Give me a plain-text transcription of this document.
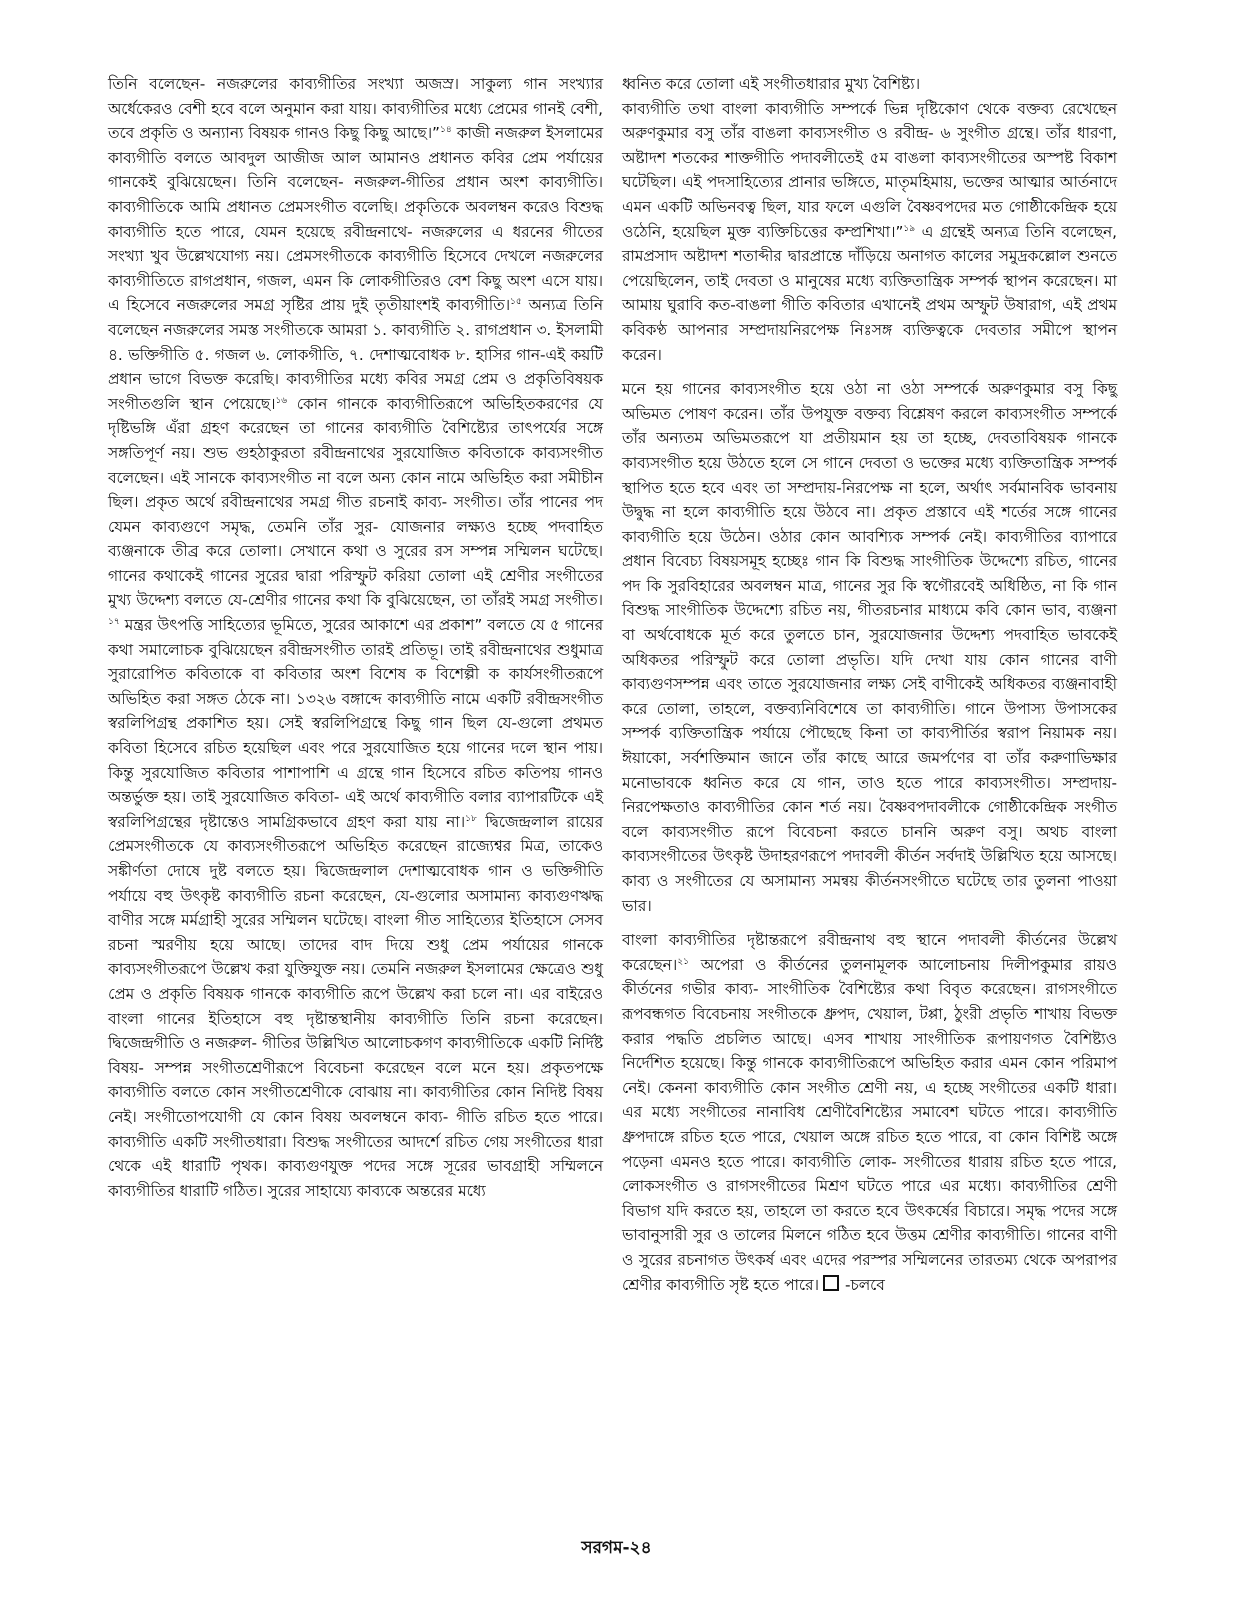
তিনি বলেছেন- নজরুলের কাব্যগীতির সংখ্যা অজস্র। সাকুল্য গান সংখ্যার অর্ধেকেরও বেশী হবে বলে অনুমান করা যায়। কাব্যগীতির মধ্যে প্রেমের গানই বেশী, তবে প্রকৃতি ও অন্যান্য বিষয়ক গানও কিছু কিছু আছে।”$^{১৪}$ কাজী নজরুল ইসলামের কাব্যগীতি বলতে আবদুল আজীজ আল আমানও প্রধানত কবির প্রেম পর্যায়ের গানকেই বুঝিয়েছেন। তিনি বলেছেন- নজরুল-গীতির প্রধান অংশ কাব্যগীতি। কাব্যগীতিকে আমি প্রধানত প্রেমসংগীত বলেছি। প্রকৃতিকে অবলম্বন করেও বিশুদ্ধ কাব্যগীতি হতে পারে, যেমন হয়েছে রবীন্দ্রনাথে- নজরুলের এ ধরনের গীতের সংখ্যা খুব উল্লেখযোগ্য নয়। প্রেমসংগীতকে কাব্যগীতি হিসেবে দেখলে নজরুলের কাব্যগীতিতে রাগপ্রধান, গজল, এমন কি লোকগীতিরও বেশ কিছু অংশ এসে যায়। এ হিসেবে নজরুলের সমগ্র সৃষ্টির প্রায় দুই তৃতীয়াংশই কাব্যগীতি।$^{১৫}$ অন্যত্র তিনি বলেছেন নজরুলের সমস্ত সংগীতকে আমরা ১. কাব্যগীতি ২. রাগপ্রধান ৩. ইসলামী ৪. ভক্তিগীতি ৫. গজল ৬. লোকগীতি, ৭. দেশাত্মবোধক ৮. হাসির গান-এই কয়টি প্রধান ভাগে বিভক্ত করেছি। কাব্যগীতির মধ্যে কবির সমগ্র প্রেম ও প্রকৃতিবিষয়ক সংগীতগুলি স্থান পেয়েছে।$^{১৬}$ কোন গানকে কাব্যগীতিরূপে অভিহিতকরণের যে দৃষ্টিভঙ্গি এঁরা গ্রহণ করেছেন তা গানের কাব্যগীতি বৈশিষ্ট্যের তাৎপর্যের সঙ্গে সঙ্গতিপূর্ণ নয়। শুভ গুহঠাকুরতা রবীন্দ্রনাথের সুরযোজিত কবিতাকে কাব্যসংগীত বলেছেন। এই সানকে কাব্যসংগীত না বলে অন্য কোন নামে অভিহিত করা সমীচীন ছিল। প্রকৃত অর্থে রবীন্দ্রনাথের সমগ্র গীত রচনাই কাব্য- সংগীত। তাঁর পানের পদ যেমন কাব্যগুণে সমৃদ্ধ, তেমনি তাঁর সুর- যোজনার লক্ষ্যও হচ্ছে পদবাহিত ব্যঞ্জনাকে তীব্র করে তোলা। সেখানে কথা ও সুরের রস সম্পন্ন সম্মিলন ঘটেছে। গানের কথাকেই গানের সুরের দ্বারা পরিস্ফুট করিয়া তোলা এই শ্রেণীর সংগীতের মুখ্য উদ্দেশ্য বলতে যে-শ্রেণীর গানের কথা কি বুঝিয়েছেন, তা তাঁরই সমগ্র সংগীত।$^{১৭}$ মন্ত্রর উৎপত্তি সাহিত্যের ভূমিতে, সুরের আকাশে এর প্রকাশ” বলতে যে ৫ গানের কথা সমালোচক বুঝিয়েছেন রবীন্দ্রসংগীত তারই প্রতিভূ। তাই রবীন্দ্রনাথের শুধুমাত্র সুরারোপিত কবিতাকে বা কবিতার অংশ বিশেষ ক বিশেল্পী ক কার্যসংগীতরূপে অভিহিত করা সঙ্গত ঠেকে না। ১৩২৬ বঙ্গাব্দে কাব্যগীতি নামে একটি রবীন্দ্রসংগীত স্বরলিপিগ্রন্থ প্রকাশিত হয়। সেই স্বরলিপিগ্রন্থে কিছু গান ছিল যে-গুলো প্রথমত কবিতা হিসেবে রচিত হয়েছিল এবং পরে সুরযোজিত হয়ে গানের দলে স্থান পায়। কিন্তু সুরযোজিত কবিতার পাশাপাশি এ গ্রন্থে গান হিসেবে রচিত কতিপয় গানও অন্তর্ভুক্ত হয়। তাই সুরযোজিত কবিতা- এই অর্থে কাব্যগীতি বলার ব্যাপারটিকে এই স্বরলিপিগ্রন্থের দৃষ্টান্তেও সামগ্রিকভাবে গ্রহণ করা যায় না।$^{১৮}$ দ্বিজেন্দ্রলাল রায়ের প্রেমসংগীতকে যে কাব্যসংগীতরূপে অভিহিত করেছেন রাজ্যেশ্বর মিত্র, তাকেও সঙ্কীর্ণতা দোষে দুষ্ট বলতে হয়। দ্বিজেন্দ্রলাল দেশাত্মবোধক গান ও ভক্তিগীতি পর্যায়ে বহু উৎকৃষ্ট কাব্যগীতি রচনা করেছেন, যে-গুলোর অসামান্য কাব্যগুণঋদ্ধ বাণীর সঙ্গে মর্মগ্রাহী সুরের সম্মিলন ঘটেছে। বাংলা গীত সাহিত্যের ইতিহাসে সেসব রচনা স্মরণীয় হয়ে আছে। তাদের বাদ দিয়ে শুধু প্রেম পর্যায়ের গানকে কাব্যসংগীতরূপে উল্লেখ করা যুক্তিযুক্ত নয়। তেমনি নজরুল ইসলামের ক্ষেত্রেও শুধু প্রেম ও প্রকৃতি বিষয়ক গানকে কাব্যগীতি রূপে উল্লেখ করা চলে না। এর বাইরেও বাংলা গানের ইতিহাসে বহু দৃষ্টান্তস্থানীয় কাব্যগীতি তিনি রচনা করেছেন। দ্বিজেন্দ্রগীতি ও নজরুল- গীতির উল্লিখিত আলোচকগণ কাব্যগীতিকে একটি নির্দিষ্ট বিষয়- সম্পন্ন সংগীতশ্রেণীরূপে বিবেচনা করেছেন বলে মনে হয়। প্রকৃতপক্ষে কাব্যগীতি বলতে কোন সংগীতশ্রেণীকে বোঝায় না। কাব্যগীতির কোন নিদিষ্ট বিষয় নেই। সংগীতোপযোগী যে কোন বিষয় অবলম্বনে কাব্য- গীতি রচিত হতে পারে। কাব্যগীতি একটি সংগীতধারা। বিশুদ্ধ সংগীতের আদর্শে রচিত গেয় সংগীতের ধারা থেকে এই ধারাটি পৃথক। কাব্যগুণযুক্ত পদের সঙ্গে সূরের ভাবগ্রাহী সম্মিলনে কাব্যগীতির ধারাটি গঠিত। সুরের সাহায্যে কাব্যকে অন্তরের মধ্যে

ধ্বনিত করে তোলা এই সংগীতধারার মুখ্য বৈশিষ্ট্য।

কাব্যগীতি তথা বাংলা কাব্যগীতি সম্পর্কে ভিন্ন দৃষ্টিকোণ থেকে বক্তব্য রেখেছেন অরুণকুমার বসু তাঁর বাঙলা কাব্যসংগীত ও রবীন্দ্র- ৬ সুংগীত গ্রন্থে। তাঁর ধারণা, অষ্টাদশ শতকের শাক্তগীতি পদাবলীতেই ৫ম বাঙলা কাব্যসংগীতের অস্পষ্ট বিকাশ ঘটেছিল। এই পদসাহিত্যের প্রানার ভঙ্গিতে, মাতৃমহিমায়, ভক্তের আত্মার আর্তনাদে এমন একটি অভিনবত্ব ছিল, যার ফলে এগুলি বৈষ্ণবপদের মত গোষ্ঠীকেন্দ্রিক হয়ে ওঠেনি, হয়েছিল মুক্ত ব্যক্তিচিত্তের কম্প্রশিখা।”$^{১৯}$ এ গ্রন্থেই অন্যত্র তিনি বলেছেন, রামপ্রসাদ অষ্টাদশ শতাব্দীর দ্বারপ্রান্তে দাঁড়িয়ে অনাগত কালের সমুদ্রকল্লোল শুনতে পেয়েছিলেন, তাই দেবতা ও মানুষের মধ্যে ব্যক্তিতান্ত্রিক সম্পর্ক স্থাপন করেছেন। মা আমায় ঘুরাবি কত-বাঙলা গীতি কবিতার এখানেই প্রথম অস্ফুট উষারাগ, এই প্রথম কবিকণ্ঠ আপনার সম্প্রদায়নিরপেক্ষ নিঃসঙ্গ ব্যক্তিত্বকে দেবতার সমীপে স্থাপন করেন।

মনে হয় গানের কাব্যসংগীত হয়ে ওঠা না ওঠা সম্পর্কে অরুণকুমার বসু কিছু অভিমত পোষণ করেন। তাঁর উপযুক্ত বক্তব্য বিশ্লেষণ করলে কাব্যসংগীত সম্পর্কে তাঁর অন্যতম অভিমতরূপে যা প্রতীয়মান হয় তা হচ্ছে, দেবতাবিষয়ক গানকে কাব্যসংগীত হয়ে উঠতে হলে সে গানে দেবতা ও ভক্তের মধ্যে ব্যক্তিতান্ত্রিক সম্পর্ক স্থাপিত হতে হবে এবং তা সম্প্রদায়-নিরপেক্ষ না হলে, অর্থাৎ সর্বমানবিক ভাবনায় উদ্বুদ্ধ না হলে কাব্যগীতি হয়ে উঠবে না। প্রকৃত প্রস্তাবে এই শর্তের সঙ্গে গানের কাব্যগীতি হয়ে উঠেন। ওঠার কোন আবশ্যিক সম্পর্ক নেই। কাব্যগীতির ব্যাপারে প্রধান বিবেচ্য বিষয়সমূহ হচ্ছেঃ গান কি বিশুদ্ধ সাংগীতিক উদ্দেশ্যে রচিত, গানের পদ কি সুরবিহারের অবলম্বন মাত্র, গানের সুর কি স্বগৌরবেই অধিষ্ঠিত, না কি গান বিশুদ্ধ সাংগীতিক উদ্দেশ্যে রচিত নয়, গীতরচনার মাধ্যমে কবি কোন ভাব, ব্যঞ্জনা বা অর্থবোধকে মূর্ত করে তুলতে চান, সুরযোজনার উদ্দেশ্য পদবাহিত ভাবকেই অধিকতর পরিস্ফুট করে তোলা প্রভৃতি। যদি দেখা যায় কোন গানের বাণী কাব্যগুণসম্পন্ন এবং তাতে সুরযোজনার লক্ষ্য সেই বাণীকেই অধিকতর ব্যঞ্জনাবাহী করে তোলা, তাহলে, বক্তব্যনিবিশেষে তা কাব্যগীতি। গানে উপাস্য উপাসকের সম্পর্ক ব্যক্তিতান্ত্রিক পর্যায়ে পৌছেছে কিনা তা কাব্যপীর্তির স্বরাপ নিয়ামক নয়। ঈয়াকো, সর্বশক্তিমান জানে তাঁর কাছে আরে জমর্পণের বা তাঁর করুণাভিক্ষার মনোভাবকে ধ্বনিত করে যে গান, তাও হতে পারে কাব্যসংগীত। সম্প্রদায়-নিরপেক্ষতাও কাব্যগীতির কোন শর্ত নয়। বৈষ্ণবপদাবলীকে গোষ্ঠীকেন্দ্রিক সংগীত বলে কাব্যসংগীত রূপে বিবেচনা করতে চাননি অরুণ বসু। অথচ বাংলা কাব্যসংগীতের উৎকৃষ্ট উদাহরণরূপে পদাবলী কীর্তন সর্বদাই উল্লিখিত হয়ে আসছে। কাব্য ও সংগীতের যে অসামান্য সমন্বয় কীর্তনসংগীতে ঘটেছে তার তুলনা পাওয়া ভার।

বাংলা কাব্যগীতির দৃষ্টান্তরূপে রবীন্দ্রনাথ বহু স্থানে পদাবলী কীর্তনের উল্লেখ করেছেন।$^{২১}$ অপেরা ও কীর্তনের তুলনামূলক আলোচনায় দিলীপকুমার রায়ও কীর্তনের গভীর কাব্য- সাংগীতিক বৈশিষ্ট্যের কথা বিবৃত করেছেন। রাগসংগীতে রূপবন্ধগত বিবেচনায় সংগীতকে ধ্রুপদ, খেয়াল, টপ্পা, ঠুংরী প্রভৃতি শাখায় বিভক্ত করার পদ্ধতি প্রচলিত আছে। এসব শাখায় সাংগীতিক রূপায়ণগত বৈশিষ্ট্যও নির্দেশিত হয়েছে। কিন্তু গানকে কাব্যগীতিরূপে অভিহিত করার এমন কোন পরিমাপ নেই। কেননা কাব্যগীতি কোন সংগীত শ্রেণী নয়, এ হচ্ছে সংগীতের একটি ধারা। এর মধ্যে সংগীতের নানাবিধ শ্রেণীবৈশিষ্ট্যের সমাবেশ ঘটতে পারে। কাব্যগীতি ধ্রুপদাঙ্গে রচিত হতে পারে, খেয়াল অঙ্গে রচিত হতে পারে, বা কোন বিশিষ্ট অঙ্গে পড়েনা এমনও হতে পারে। কাব্যগীতি লোক- সংগীতের ধারায় রচিত হতে পারে, লোকসংগীত ও রাগসংগীতের মিশ্রণ ঘটতে পারে এর মধ্যে। কাব্যগীতির শ্রেণী বিভাগ যদি করতে হয়, তাহলে তা করতে হবে উৎকর্ষের বিচারে। সমৃদ্ধ পদের সঙ্গে ভাবানুসারী সুর ও তালের মিলনে গঠিত হবে উত্তম শ্রেণীর কাব্যগীতি। গানের বাণী ও সুরের রচনাগত উৎকর্ষ এবং এদের পরস্পর সম্মিলনের তারতম্য থেকে অপরাপর শ্রেণীর কাব্যগীতি সৃষ্ট হতে পারে। -চলবে

সরগম-২৪
